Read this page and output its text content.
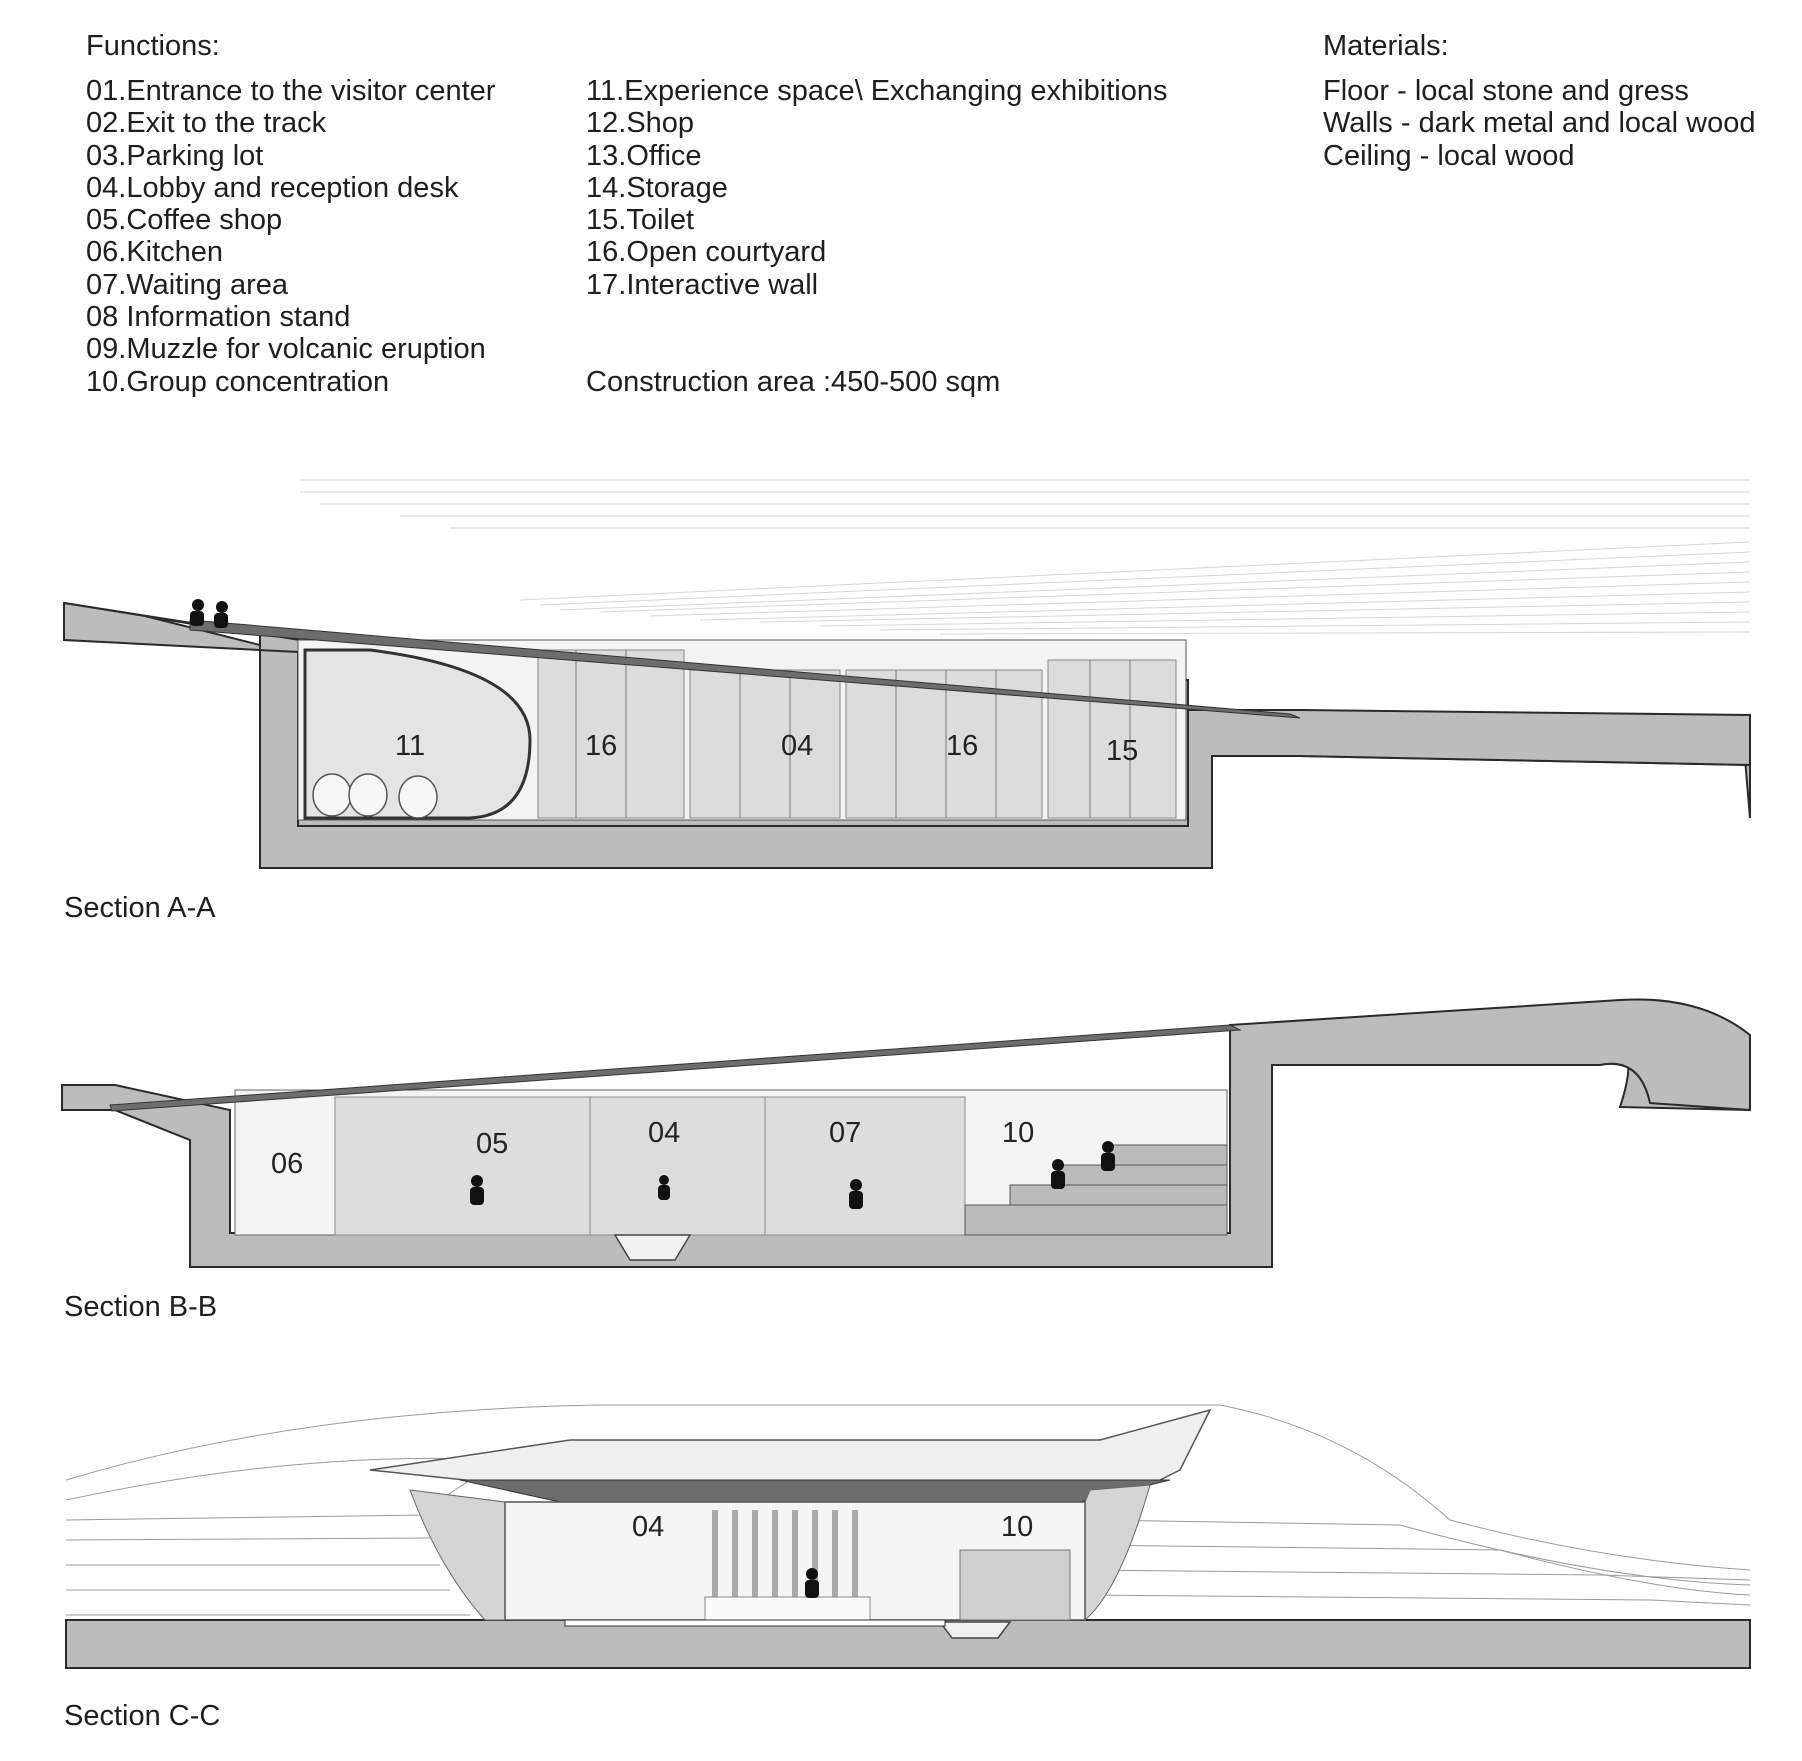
Functions:
01.Entrance to the visitor center
02.Exit to the track
03.Parking lot
04.Lobby and reception desk
05.Coffee shop
06.Kitchen
07.Waiting area
08 Information stand
09.Muzzle for volcanic eruption
10.Group concentration
11.Experience space\ Exchanging exhibitions
12.Shop
13.Office
14.Storage
15.Toilet
16.Open courtyard
17.Interactive wall
Construction area :450-500 sqm
Materials:
Floor - local stone and gress
Walls - dark metal and local wood
Ceiling - local wood
11	16	04	16	15
Section A-A
06
05	04	07	10
Section B-B
04	10
Section C-C
